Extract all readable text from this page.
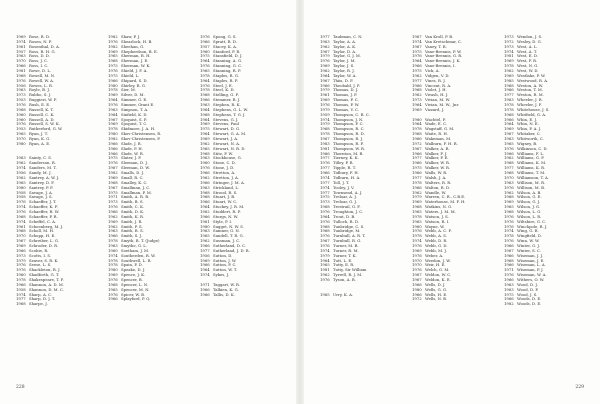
1969 Rose, R. D.
1974 Rosen, N. P.
1961 Rosenthal, D. A.
1957 Ross, R. H. G.
1963 Ross, D. D.
1970 Ross, J. C.
1966 Ross, I. C.
1981 Rowe, D. L.
1968 Rowell, M. N.
1976 Rowell, W. A.
1956 Rowes, L. R.
1963 Royle, B. J.
1973 Rubbo, S. J.
1953 Ruggieri, W. F.
1976 Rush, E. E.
1968 Russell, K. T.
1960 Russell, C. K.
1960 Russell, A. D.
1976 Russell, S. W. K.
1953 Rutherford, G. W.
1965 Ryan, J. T.
1970 Ryan, K. G.
1980 Ryan, A. E.
1963 Sainty, C. S.
1962 Sanderson, R.
1974 Sanders, M. T.
1956 Sandy, M. J.
1962 Santrey, A. W. J.
1965 Santrey, D. F.
1980 Santrey, P. P.
1958 Savage, J. A.
1958 Savage, J. S.
1976 Schaeffer, J. T.
1974 Schaeffer, K. F.
1976 Schaeffer, R. W.
1968 Schaeffer, P. R.
1974 Scheffel, C. A.
1961 Schoenberg, M. J.
1968 Scholl, M. H.
1970 Schopp, H. E.
1967 Schreiber, L. G.
1969 Schroder, D. R.
1966 Scobie, R.
1973 Scotts, I. S.
1979 Seaver, S. R. K.
1976 Seese, L. S.
1976 Shackleton, R. J.
1960 Shadforth, G. T.
1978 Shakespeare, T. F.
1966 Shannon, A. D. M.
1958 Shannon, D. M. C.
1974 Sharp, A. C.
1977 Sharp, D. J. T.
1968 Sharpe, J.
1982 Shaw, P. J.
1976 Shearlock, H. B.
1982 Sheehan, G.
1969 Shepherdson, B. E.
1965 Sherman, R. H.
1968 Sherman, J. E.
1975 Sherman, W. K.
1976 Shield, J. F. A.
1975 Shield, L.
1966 Shipard, S. D.
1980 Shirley, R. G.
1978 Sier, M.
1969 Silver, D. M.
1964 Simmer, G. E.
1976 Simmer, Grant E.
1963 Simpson, T. A.
1964 Sinfield, K. D.
1967 Sjoquist, S. P.
1969 Sjoquist, T. C.
1978 Skidmore, J. A. H.
1980 Skov-Christensen, R.
1982 Skov-Christensen, P.
1966 Slade, J. R.
1966 Slade, P. H.
1966 Slade, W. R.
1975 Slater, J. P.
1976 Sleeman, D. J.
1967 Sleeman, D. W.
1982 Smalls, D. J.
1969 Small, R. C.
1968 Smalley, K. C.
1967 Smallman, J. C.
1975 Smallman, P. M.
1971 Smith, A. R. B.
1973 Smith, B. S.
1976 Smith, C. K.
1966 Smith, D. K.
1962 Smith, K. R.
1969 Smith, J. R.
1962 Smith, P. S.
1963 Smith, R. S.
1966 Smith, S. J.
1978 Smyth, R. T. (Judge)
1963 Smythe, G. L.
1960 Soetham, J. M.
1974 Southerden, R. W.
1978 Southwell, L. R.
1978 Spain, P. D.
1980 Speake, D. J.
1969 Spence, J. K.
1976 Spencer, B.
1968 Spencer, L. N.
1965 Spencer, M. N.
1976 Spicer, W. B.
1966 Splayford, P. Q.
1976 Spong, G. S.
1966 Spratt, R. D.
1957 Stacey, K. A.
1960 Stanford, P. R.
1975 Stansfield, D. J.
1964 Stanning, A. G.
1976 Stanning, G. C.
1965 Stanning, R. P.
1978 Staples, R. G.
1964 Staples, R. P.
1976 Steel, J. E.
1978 Steel, K. D.
1968 Stelling, G. F.
1966 Stemmer, R. J.
1963 Stephen, R. K.
1964 Stephens, G. L. W.
1968 Stephens, T. G. J.
1964 Stevens, G. J.
1969 Stevens, Paul
1975 Stewart, D. G.
1964 Stewart, G. A. M.
1969 Stewart, J. A.
1962 Stewart, N. A.
1965 Stewart, N. R. D.
1968 Stitz, P. W.
1963 Stockhouse, G.
1960 Stone, C. D.
1976 Stone, J. D.
1966 Stretton, A.
1962 Stretton, J. A.
1966 Stringer, J. M. A.
1963 Strickland, L.
1968 Strood, R. S.
1968 Stuart, J. B.
1966 Stuart, W. C.
1964 Stuckey, J. R. M.
1962 Studdert, R. P.
1966 Sturgs, N. W.
1961 Style, P. I.
1980 Sugget, N. W. S.
1963 Sumner, G. N.
1965 Sundell, T. R. G.
1962 Sussman, J. C.
1966 Sutherland, D. C.
1977 Sutherland, J. D. R.
1956 Sutton, D.
1969 Sutton, J. W.
1966 Sutton, P. C.
1964 Sutton, W. T.
1974 Sykes, J.
1971 Taggart, W. R.
1966 Talkien, K. G.
1966 Tallis, D. K.
228
1977 Taubman, C. N.
1963 Taylor, A. A.
1962 Taylor, A. K.
1967 Taylor, D. A.
1979 Taylor, G. J. M.
1976 Taylor, J. M.
1969 Taylor, J. S.
1962 Taylor, R. J.
1964 Taylor, W. A.
1967 Thiis, D. F.
1966 Theobald, J. P.
1979 Thomas, D. J.
1961 Thomas, J. F.
1969 Thomas, P. C.
1976 Thomas, P. W.
1979 Thomas, V. C.
1959 Thompson, C. R. C.
1974 Thompson, J. N.
1979 Thompson, P. C.
1968 Thompson, R. C.
1978 Thompson, R. D.
1967 Thompson, R. J.
1983 Thompson, R. P.
1981 Thompson, W. R.
1966 Thornton, M. R.
1977 Tierney, K. K.
1976 Tilley, P. R.
1977 Tipple, R. T.
1966 Tidbury, F. H.
1974 Tidburn, H. A.
1977 Toll, J. T.
1974 Tooley, J. V.
1977 Townsend, A. J.
1975 Treloar, A. J.
1973 Treloar, G. J.
1968 Trestrail, G. F.
1976 Troughton, J. C.
1964 Trout, D. B.
1976 Tulloch, R. D.
1968 Tunbridge, C. S.
1968 Tunbridge, M.
1976 Turnbull, A. R. T.
1967 Turnbull, R. G.
1976 Turner, M. B.
1974 Turner, R. M.
1979 Turner, T. K.
1964 Tutt, L. E.
1965 Tutty, E. R.
1981 Tutty, Sir William
1962 Tyrrell, R. J. M.
1976 Tyson, A. R.
1965 Urry, K. A.
1967 Van Kroll, P. B.
1974 Van Kretschmar, C.
1967 Vaney, T. R.
1975 Vane-Brennis, P. W.
1976 Vane-Brennis, G. R.
1964 Vane-Brennis, J. K.
1966 Vane-Brennis, I.
1975 Vick, A.
1962 Vidgen, V. D.
1977 Vines, R. J.
1966 Vincent, R. A.
1968 Violet, J. H.
1962 Vivash, H. J.
1973 Vivian, M. W.
1964 Vivian, M. W., Jnr.
1969 Vizzard, J.
1980 Wachtel, F.
1964 Wade, E. C.
1978 Wagstaff, G. M.
1968 Waite, R. H.
1966 Wakeman, M.
1972 Walburn, F. H. R.
1967 Walker, A. R.
1966 Walker, F. J.
1977 Walker, P. E.
1966 Walker, W. R.
1975 Walker, W. R.
1966 Walls, W. R.
1977 Walsh, J. A.
1978 Walters, R. R.
1966 Walton, R. D.
1962 Wandle, W.
1979 Warren, C. R., C.B.E.
1969 Waterhouse, M. F. H.
1968 Watkins, N. G.
1965 Waters, J. M. M.
1978 Watson, J. S.
1965 Watson, R. I.
1960 Wayne, W.
1976 Webb, A. C. F.
1978 Webb, A. S.
1974 Webb, D. R.
1976 Webb, G. D.
1969 Webb, M. J.
1976 Weber, A.
1970 Weedon, J. W.
1970 Weir, H. E.
1976 Welch, G. M.
1967 Weldon, W. C.
1967 Weldon, K. E.
1966 Wells, D. J.
1980 Wells, G. G.
1966 Wells, H. E.
1972 Wells, N. B.
1973 Wendon, J. S.
1972 Wesley, D. G.
1973 West, A. L.
1974 West, A. T.
1981 West, E. D.
1969 West, F. R.
1978 West, N. G.
1962 West, W. D.
1969 Westlake, P. W.
1985 Westwood, R. A.
1968 Weston, A. W.
1966 Weston, T. M.
1977 Weston, R. M.
1963 Wheeler, J. R.
1978 Wheeler, J. F.
1978 Whitehouse, J. S.
1968 Whitfield, G. A.
1966 Whin, E. J.
1964 Whin, N. E.
1969 Whin, P. A. J.
1967 Whitaker, C.
1963 Whitworth, C.
1965 Wigney, B.
1976 Wilkinson, C. D.
1966 Williams, F. L.
1962 Williams, G. F.
1968 Williams, K. M.
1977 Williams, K. R.
1968 Williams, T. M.
1970 Williamson, T. A.
1963 Willison, M. R.
1976 Willison, M. B.
1962 Wilson, A. B.
1968 Wilson, G. E.
1969 Wilson, G. J.
1965 Wilson, J. G.
1968 Wilson, L. G.
1976 Wilson, L. R.
1976 Wiltshire, G. C.
1976 Winchpole, R. J.
1974 Wing, G. R.
1978 Wingfield, D.
1976 Winn, W. W.
1966 Winter, G. J.
1967 Winter, S. C.
1966 Wiseman, J. J.
1968 Wiseman, J. E.
1966 Wiseman, L. A.
1971 Wiseman, P. J.
1976 Wiseman, W. A.
1966 Withers, O. W.
1963 Wood, D. J.
1963 Wood, D. P.
1975 Wood, J. S.
1966 Woods, D. E.
1982 Woods, D. E.
229
